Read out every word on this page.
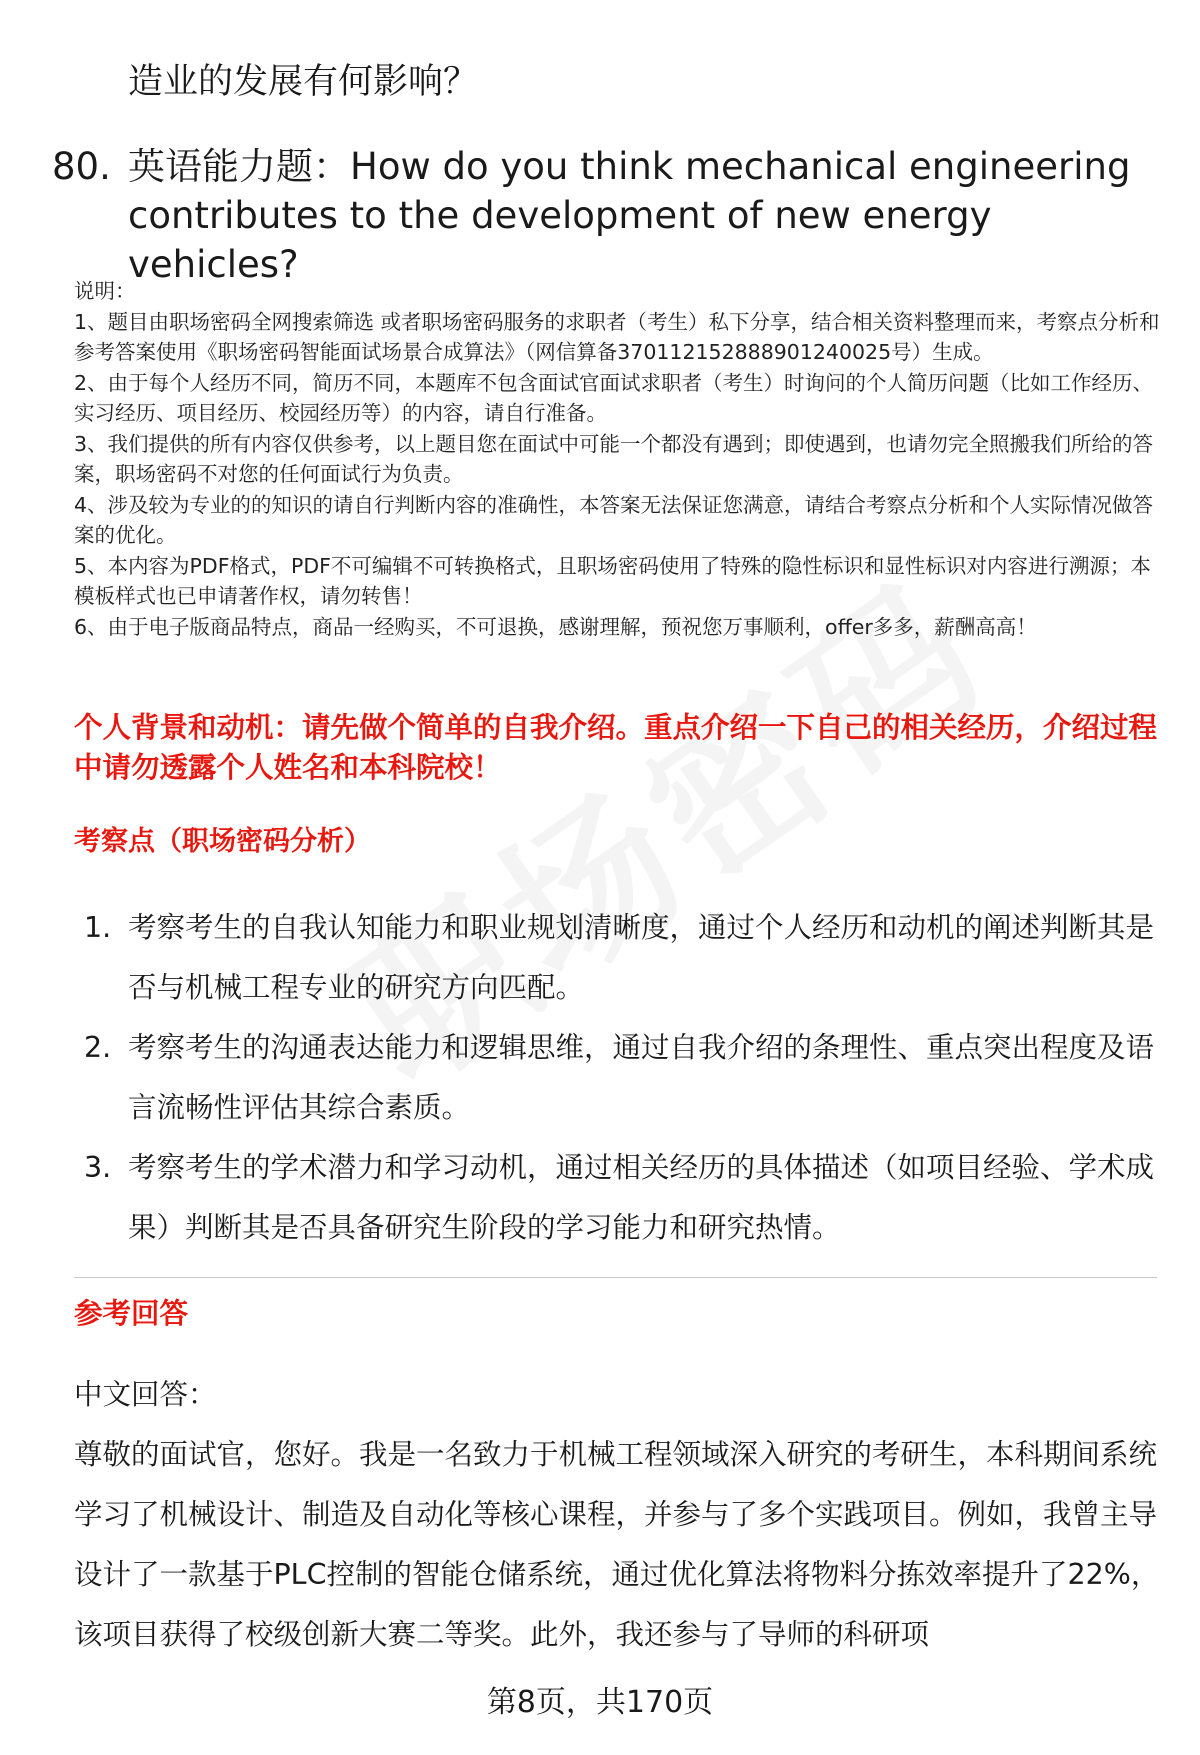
造业的发展有何影响？
80. 英语能力题：How do you think mechanical engineering contributes to the development of new energy vehicles?

说明：

1、题目由职场密码全网搜索筛选 或者职场密码服务的求职者（考生）私下分享，结合相关资料整理而来，考察点分析和参考答案使用《职场密码智能面试场景合成算法》（网信算备370112152888901240025号）生成。

2、由于每个人经历不同，简历不同，本题库不包含面试官面试求职者（考生）时询问的个人简历问题（比如工作经历、实习经历、项目经历、校园经历等）的内容，请自行准备。

3、我们提供的所有内容仅供参考，以上题目您在面试中可能一个都没有遇到；即使遇到，也请勿完全照搬我们所给的答案，职场密码不对您的任何面试行为负责。

4、涉及较为专业的的知识的请自行判断内容的准确性，本答案无法保证您满意，请结合考察点分析和个人实际情况做答案的优化。

5、本内容为PDF格式，PDF不可编辑不可转换格式，且职场密码使用了特殊的隐性标识和显性标识对内容进行溯源；本模板样式也已申请著作权，请勿转售！

6、由于电子版商品特点，商品一经购买，不可退换，感谢理解，预祝您万事顺利，offer多多，薪酬高高！

个人背景和动机：请先做个简单的自我介绍。重点介绍一下自己的相关经历，介绍过程中请勿透露个人姓名和本科院校！
考察点（职场密码分析）
1. 考察考生的自我认知能力和职业规划清晰度，通过个人经历和动机的阐述判断其是否与机械工程专业的研究方向匹配。
2. 考察考生的沟通表达能力和逻辑思维，通过自我介绍的条理性、重点突出程度及语言流畅性评估其综合素质。
3. 考察考生的学术潜力和学习动机，通过相关经历的具体描述（如项目经验、学术成果）判断其是否具备研究生阶段的学习能力和研究热情。
参考回答

中文回答：

尊敬的面试官，您好。我是一名致力于机械工程领域深入研究的考研生，本科期间系统学习了机械设计、制造及自动化等核心课程，并参与了多个实践项目。例如，我曾主导设计了一款基于PLC控制的智能仓储系统，通过优化算法将物料分拣效率提升了22%，该项目获得了校级创新大赛二等奖。此外，我还参与了导师的科研项

第8页，共170页
